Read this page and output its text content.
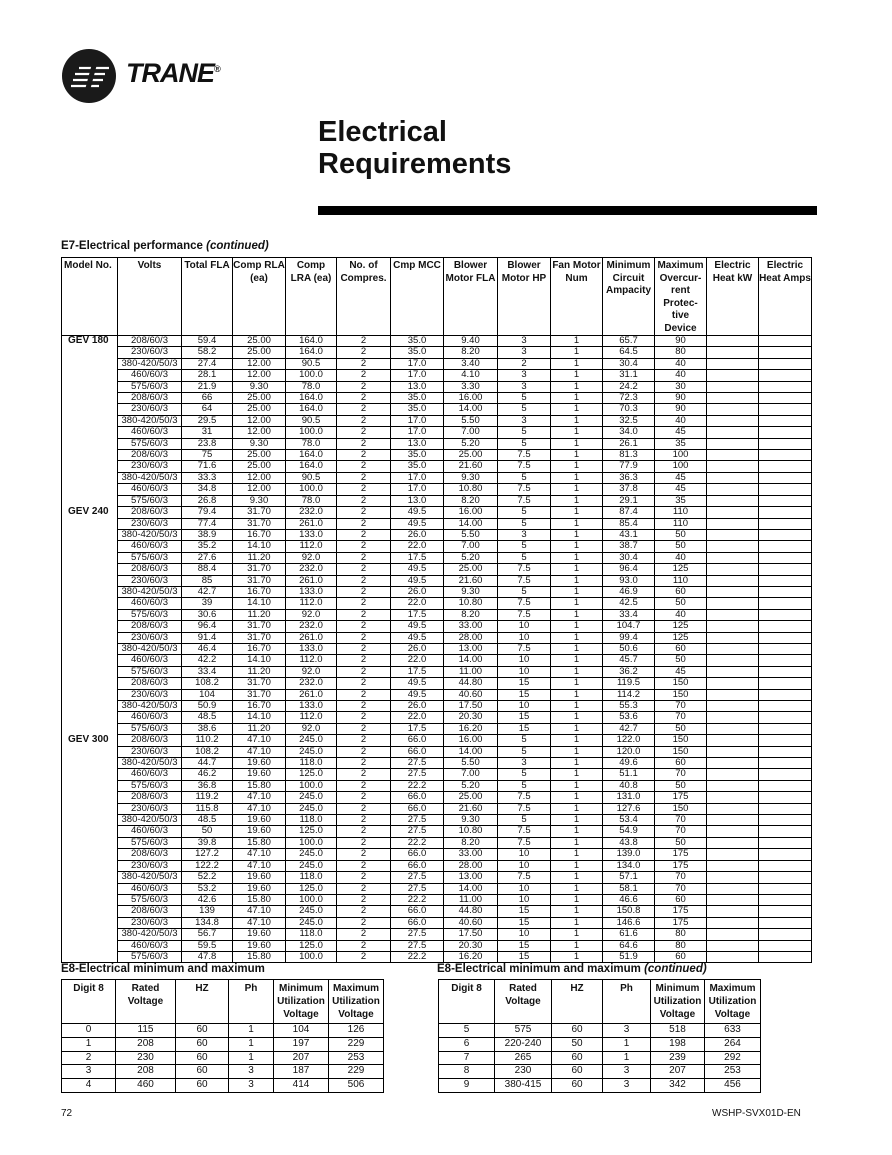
TRANE®
Electrical
Requirements
E7-Electrical performance (continued)
Model No.	Volts	Total FLA	Comp RLA (ea)	Comp LRA (ea)	No. of Compres.	Cmp MCC	Blower Motor FLA	Blower Motor HP	Fan Motor Num	Minimum Circuit Ampacity	Maximum Overcur-rent Protec-tive Device	Electric Heat kW	Electric Heat Amps
GEV 180	208/60/3	59.4	25.00	164.0	2	35.0	9.40	3	1	65.7	90		
	230/60/3	58.2	25.00	164.0	2	35.0	8.20	3	1	64.5	80		
	380-420/50/3	27.4	12.00	90.5	2	17.0	3.40	2	1	30.4	40		
	460/60/3	28.1	12.00	100.0	2	17.0	4.10	3	1	31.1	40		
	575/60/3	21.9	9.30	78.0	2	13.0	3.30	3	1	24.2	30		
	208/60/3	66	25.00	164.0	2	35.0	16.00	5	1	72.3	90		
	230/60/3	64	25.00	164.0	2	35.0	14.00	5	1	70.3	90		
	380-420/50/3	29.5	12.00	90.5	2	17.0	5.50	3	1	32.5	40		
	460/60/3	31	12.00	100.0	2	17.0	7.00	5	1	34.0	45		
	575/60/3	23.8	9.30	78.0	2	13.0	5.20	5	1	26.1	35		
	208/60/3	75	25.00	164.0	2	35.0	25.00	7.5	1	81.3	100		
	230/60/3	71.6	25.00	164.0	2	35.0	21.60	7.5	1	77.9	100		
	380-420/50/3	33.3	12.00	90.5	2	17.0	9.30	5	1	36.3	45		
	460/60/3	34.8	12.00	100.0	2	17.0	10.80	7.5	1	37.8	45		
	575/60/3	26.8	9.30	78.0	2	13.0	8.20	7.5	1	29.1	35		
GEV 240	208/60/3	79.4	31.70	232.0	2	49.5	16.00	5	1	87.4	110		
	230/60/3	77.4	31.70	261.0	2	49.5	14.00	5	1	85.4	110		
	380-420/50/3	38.9	16.70	133.0	2	26.0	5.50	3	1	43.1	50		
	460/60/3	35.2	14.10	112.0	2	22.0	7.00	5	1	38.7	50		
	575/60/3	27.6	11.20	92.0	2	17.5	5.20	5	1	30.4	40		
	208/60/3	88.4	31.70	232.0	2	49.5	25.00	7.5	1	96.4	125		
	230/60/3	85	31.70	261.0	2	49.5	21.60	7.5	1	93.0	110		
	380-420/50/3	42.7	16.70	133.0	2	26.0	9.30	5	1	46.9	60		
	460/60/3	39	14.10	112.0	2	22.0	10.80	7.5	1	42.5	50		
	575/60/3	30.6	11.20	92.0	2	17.5	8.20	7.5	1	33.4	40		
	208/60/3	96.4	31.70	232.0	2	49.5	33.00	10	1	104.7	125		
	230/60/3	91.4	31.70	261.0	2	49.5	28.00	10	1	99.4	125		
	380-420/50/3	46.4	16.70	133.0	2	26.0	13.00	7.5	1	50.6	60		
	460/60/3	42.2	14.10	112.0	2	22.0	14.00	10	1	45.7	50		
	575/60/3	33.4	11.20	92.0	2	17.5	11.00	10	1	36.2	45		
	208/60/3	108.2	31.70	232.0	2	49.5	44.80	15	1	119.5	150		
	230/60/3	104	31.70	261.0	2	49.5	40.60	15	1	114.2	150		
	380-420/50/3	50.9	16.70	133.0	2	26.0	17.50	10	1	55.3	70		
	460/60/3	48.5	14.10	112.0	2	22.0	20.30	15	1	53.6	70		
	575/60/3	38.6	11.20	92.0	2	17.5	16.20	15	1	42.7	50		
GEV 300	208/60/3	110.2	47.10	245.0	2	66.0	16.00	5	1	122.0	150		
	230/60/3	108.2	47.10	245.0	2	66.0	14.00	5	1	120.0	150		
	380-420/50/3	44.7	19.60	118.0	2	27.5	5.50	3	1	49.6	60		
	460/60/3	46.2	19.60	125.0	2	27.5	7.00	5	1	51.1	70		
	575/60/3	36.8	15.80	100.0	2	22.2	5.20	5	1	40.8	50		
	208/60/3	119.2	47.10	245.0	2	66.0	25.00	7.5	1	131.0	175		
	230/60/3	115.8	47.10	245.0	2	66.0	21.60	7.5	1	127.6	150		
	380-420/50/3	48.5	19.60	118.0	2	27.5	9.30	5	1	53.4	70		
	460/60/3	50	19.60	125.0	2	27.5	10.80	7.5	1	54.9	70		
	575/60/3	39.8	15.80	100.0	2	22.2	8.20	7.5	1	43.8	50		
	208/60/3	127.2	47.10	245.0	2	66.0	33.00	10	1	139.0	175		
	230/60/3	122.2	47.10	245.0	2	66.0	28.00	10	1	134.0	175		
	380-420/50/3	52.2	19.60	118.0	2	27.5	13.00	7.5	1	57.1	70		
	460/60/3	53.2	19.60	125.0	2	27.5	14.00	10	1	58.1	70		
	575/60/3	42.6	15.80	100.0	2	22.2	11.00	10	1	46.6	60		
	208/60/3	139	47.10	245.0	2	66.0	44.80	15	1	150.8	175		
	230/60/3	134.8	47.10	245.0	2	66.0	40.60	15	1	146.6	175		
	380-420/50/3	56.7	19.60	118.0	2	27.5	17.50	10	1	61.6	80		
	460/60/3	59.5	19.60	125.0	2	27.5	20.30	15	1	64.6	80		
	575/60/3	47.8	15.80	100.0	2	22.2	16.20	15	1	51.9	60		
E8-Electrical minimum and maximum
Digit 8	Rated Voltage	HZ	Ph	Minimum Utilization Voltage	Maximum Utilization Voltage
0	115	60	1	104	126
1	208	60	1	197	229
2	230	60	1	207	253
3	208	60	3	187	229
4	460	60	3	414	506
E8-Electrical minimum and maximum (continued)
Digit 8	Rated Voltage	HZ	Ph	Minimum Utilization Voltage	Maximum Utilization Voltage
5	575	60	3	518	633
6	220-240	50	1	198	264
7	265	60	1	239	292
8	230	60	3	207	253
9	380-415	60	3	342	456
72	WSHP-SVX01D-EN
